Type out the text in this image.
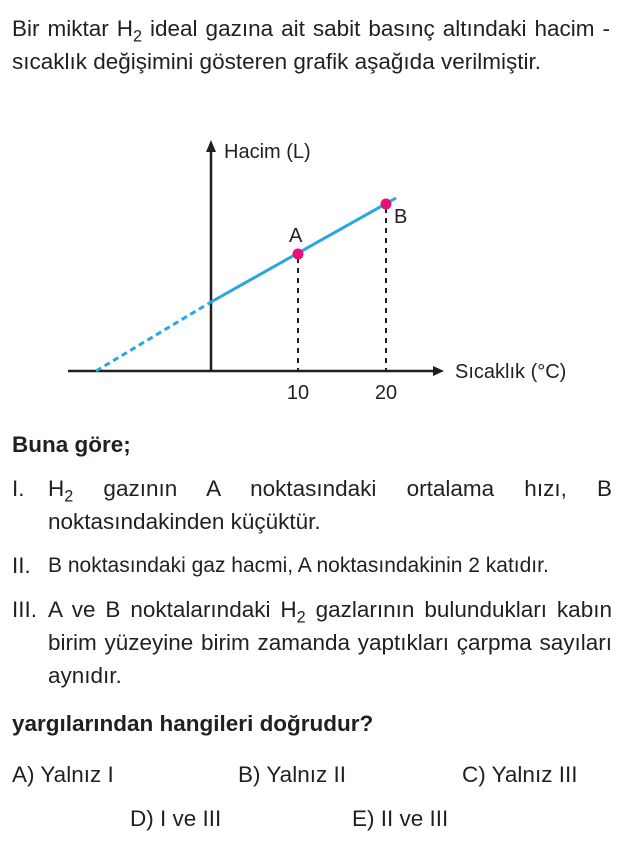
Bir miktar $H_2$ ideal gazına ait sabit basınç altındaki hacim - sıcaklık değişimini gösteren grafik aşağıda verilmiştir.

Hacim (L)
Sıcaklık (°C)
A
B
10	20

Buna göre;

I. $H_2$ gazının A noktasındaki ortalama hızı, B noktasındakinden küçüktür.
II. B noktasındaki gaz hacmi, A noktasındakinin 2 katıdır.
III. A ve B noktalarındaki $H_2$ gazlarının bulundukları kabın birim yüzeyine birim zamanda yaptıkları çarpma sayıları aynıdır.

yargılarından hangileri doğrudur?

A) Yalnız I	B) Yalnız II	C) Yalnız III

D) I ve III	E) II ve III
